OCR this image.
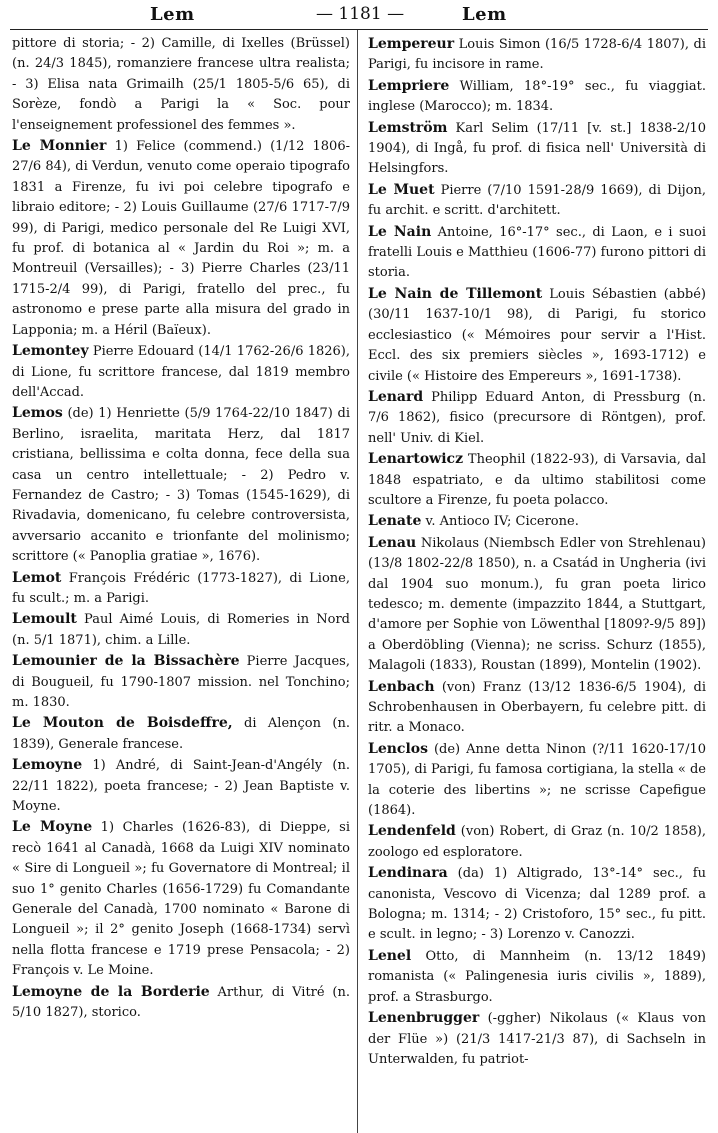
Lem	— 1181 —	Lem

pittore di storia; - 2) Camille, di Ixelles (Brüssel) (n. 24/3 1845), romanziere francese ultra realista; - 3) Elisa nata Grimailh (25/1 1805-5/6 65), di Sorèze, fondò a Parigi la « Soc. pour l'enseignement professionel des femmes ».

Le Monnier 1) Felice (commend.) (1/12 1806-27/6 84), di Verdun, venuto come operaio tipografo 1831 a Firenze, fu ivi poi celebre tipografo e libraio editore; - 2) Louis Guillaume (27/6 1717-7/9 99), di Parigi, medico personale del Re Luigi XVI, fu prof. di botanica al « Jardin du Roi »; m. a Montreuil (Versailles); - 3) Pierre Charles (23/11 1715-2/4 99), di Parigi, fratello del prec., fu astronomo e prese parte alla misura del grado in Lapponia; m. a Héril (Baïeux).

Lemontey Pierre Edouard (14/1 1762-26/6 1826), di Lione, fu scrittore francese, dal 1819 membro dell'Accad.

Lemos (de) 1) Henriette (5/9 1764-22/10 1847) di Berlino, israelita, maritata Herz, dal 1817 cristiana, bellissima e colta donna, fece della sua casa un centro intellettuale; - 2) Pedro v. Fernandez de Castro; - 3) Tomas (1545-1629), di Rivadavia, domenicano, fu celebre controversista, avversario accanito e trionfante del molinismo; scrittore (« Panoplia gratiae », 1676).

Lemot François Frédéric (1773-1827), di Lione, fu scult.; m. a Parigi.

Lemoult Paul Aimé Louis, di Romeries in Nord (n. 5/1 1871), chim. a Lille.

Lemounier de la Bissachère Pierre Jacques, di Bougueil, fu 1790-1807 mission. nel Tonchino; m. 1830.

Le Mouton de Boisdeffre, di Alençon (n. 1839), Generale francese.

Lemoyne 1) André, di Saint-Jean-d'Angély (n. 22/11 1822), poeta francese; - 2) Jean Baptiste v. Moyne.

Le Moyne 1) Charles (1626-83), di Dieppe, si recò 1641 al Canadà, 1668 da Luigi XIV nominato « Sire di Longueil »; fu Governatore di Montreal; il suo 1° genito Charles (1656-1729) fu Comandante Generale del Canadà, 1700 nominato « Barone di Longueil »; il 2° genito Joseph (1668-1734) servì nella flotta francese e 1719 prese Pensacola; - 2) François v. Le Moine.

Lemoyne de la Borderie Arthur, di Vitré (n. 5/10 1827), storico.

Lempereur Louis Simon (16/5 1728-6/4 1807), di Parigi, fu incisore in rame.

Lempriere William, 18°-19° sec., fu viaggiat. inglese (Marocco); m. 1834.

Lemström Karl Selim (17/11 [v. st.] 1838-2/10 1904), di Ingå, fu prof. di fisica nell' Università di Helsingfors.

Le Muet Pierre (7/10 1591-28/9 1669), di Dijon, fu archit. e scritt. d'architett.

Le Nain Antoine, 16°-17° sec., di Laon, e i suoi fratelli Louis e Matthieu (1606-77) furono pittori di storia.

Le Nain de Tillemont Louis Sébastien (abbé) (30/11 1637-10/1 98), di Parigi, fu storico ecclesiastico (« Mémoires pour servir a l'Hist. Eccl. des six premiers siècles », 1693-1712) e civile (« Histoire des Empereurs », 1691-1738).

Lenard Philipp Eduard Anton, di Pressburg (n. 7/6 1862), fisico (precursore di Röntgen), prof. nell' Univ. di Kiel.

Lenartowicz Theophil (1822-93), di Varsavia, dal 1848 espatriato, e da ultimo stabilitosi come scultore a Firenze, fu poeta polacco.

Lenate v. Antioco IV; Cicerone.

Lenau Nikolaus (Niembsch Edler von Strehlenau) (13/8 1802-22/8 1850), n. a Csatád in Ungheria (ivi dal 1904 suo monum.), fu gran poeta lirico tedesco; m. demente (impazzito 1844, a Stuttgart, d'amore per Sophie von Löwenthal [1809?-9/5 89]) a Oberdöbling (Vienna); ne scriss. Schurz (1855), Malagoli (1833), Roustan (1899), Montelin (1902).

Lenbach (von) Franz (13/12 1836-6/5 1904), di Schrobenhausen in Oberbayern, fu celebre pitt. di ritr. a Monaco.

Lenclos (de) Anne detta Ninon (?/11 1620-17/10 1705), di Parigi, fu famosa cortigiana, la stella « de la coterie des libertins »; ne scrisse Capefigue (1864).

Lendenfeld (von) Robert, di Graz (n. 10/2 1858), zoologo ed esploratore.

Lendinara (da) 1) Altigrado, 13°-14° sec., fu canonista, Vescovo di Vicenza; dal 1289 prof. a Bologna; m. 1314; - 2) Cristoforo, 15° sec., fu pitt. e scult. in legno; - 3) Lorenzo v. Canozzi.

Lenel Otto, di Mannheim (n. 13/12 1849) romanista (« Palingenesia iuris civilis », 1889), prof. a Strasburgo.

Lenenbrugger (-ggher) Nikolaus (« Klaus von der Flüe ») (21/3 1417-21/3 87), di Sachseln in Unterwalden, fu patriot-
